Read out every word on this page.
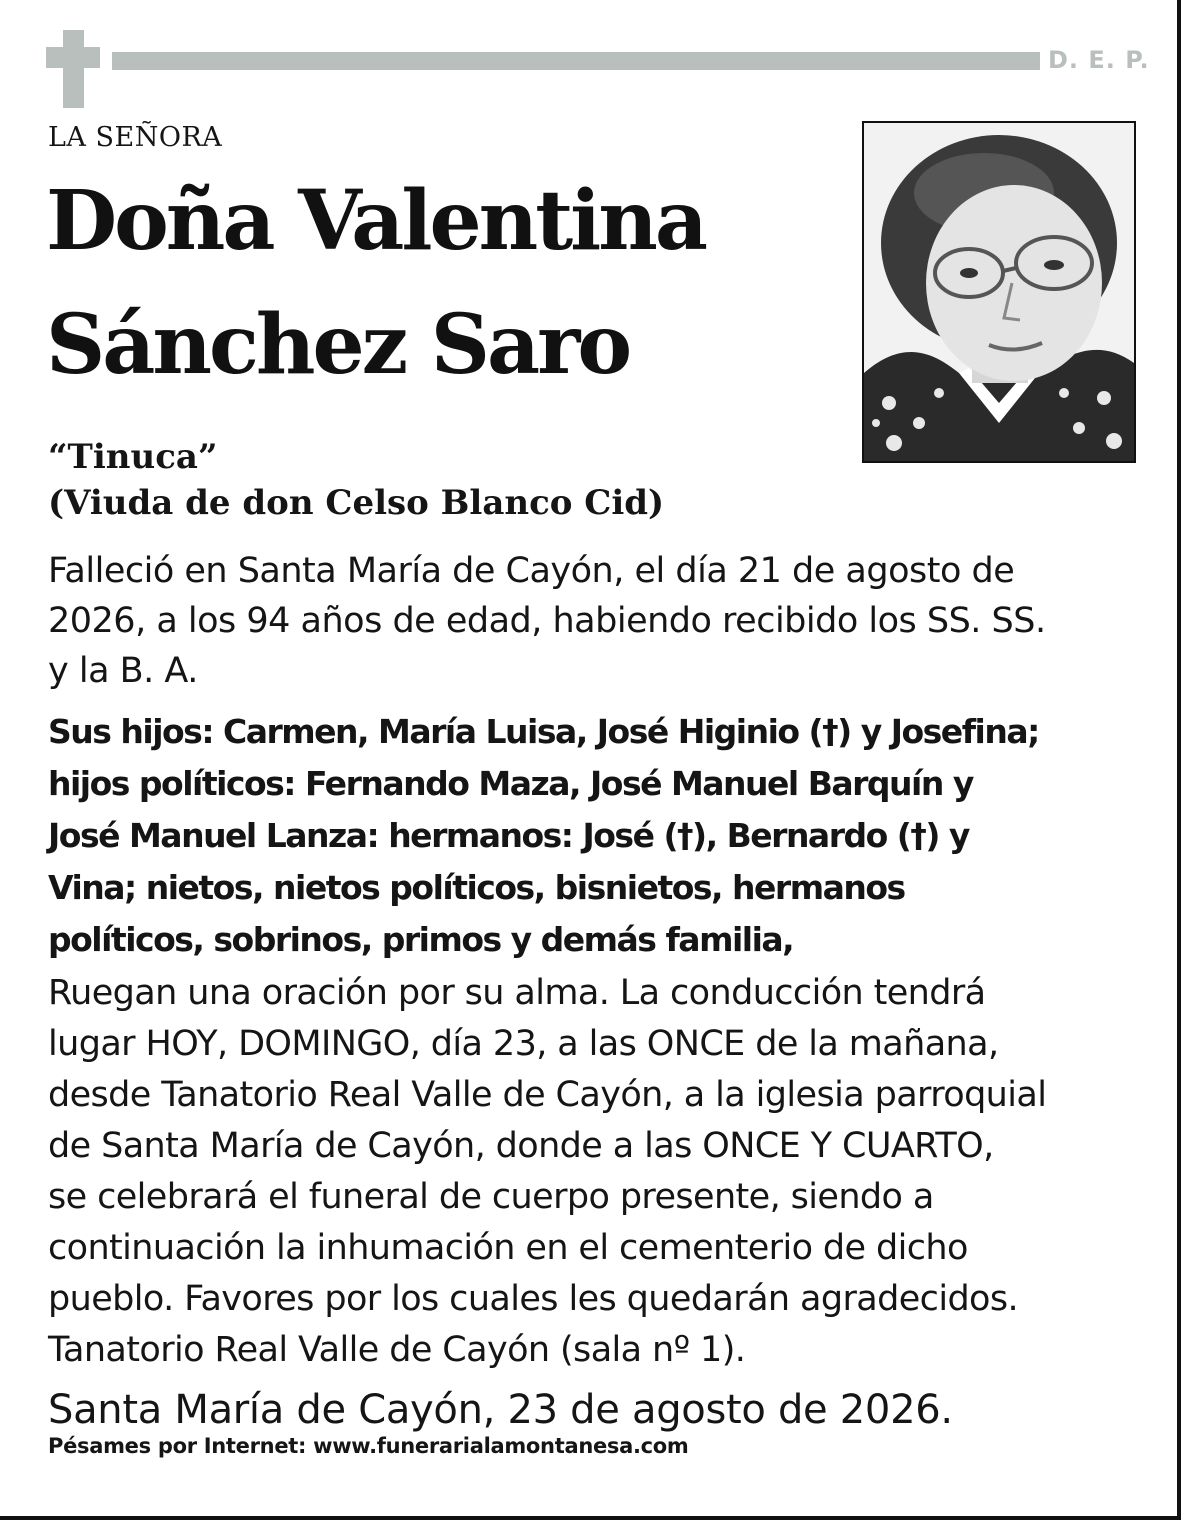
D. E. P.
LA SEÑORA
Doña Valentina
Sánchez Saro
“Tinuca”
(Viuda de don Celso Blanco Cid)
Falleció en Santa María de Cayón, el día 21 de agosto de
2026, a los 94 años de edad, habiendo recibido los SS. SS.
y la B. A.
Sus hijos: Carmen, María Luisa, José Higinio (†) y Josefina;
hijos políticos: Fernando Maza, José Manuel Barquín y
José Manuel Lanza: hermanos: José (†), Bernardo (†) y
Vina; nietos, nietos políticos, bisnietos, hermanos
políticos, sobrinos, primos y demás familia,
Ruegan una oración por su alma. La conducción tendrá
lugar HOY, DOMINGO, día 23, a las ONCE de la mañana,
desde Tanatorio Real Valle de Cayón, a la iglesia parroquial
de Santa María de Cayón, donde a las ONCE Y CUARTO,
se celebrará el funeral de cuerpo presente, siendo a
continuación la inhumación en el cementerio de dicho
pueblo. Favores por los cuales les quedarán agradecidos.
Tanatorio Real Valle de Cayón (sala nº 1).
Santa María de Cayón, 23 de agosto de 2026.
Pésames por Internet: www.funerarialamontanesa.com
